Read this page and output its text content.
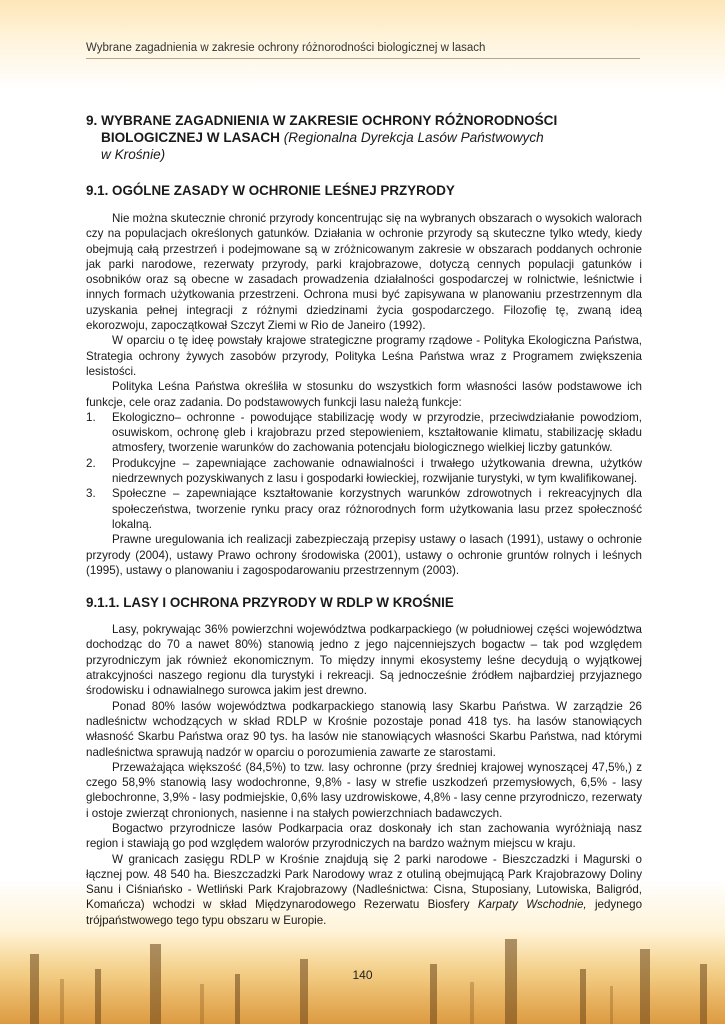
Wybrane zagadnienia w zakresie ochrony różnorodności biologicznej w lasach
9. WYBRANE ZAGADNIENIA W ZAKRESIE OCHRONY RÓŻNORODNOŚCI
BIOLOGICZNEJ W LASACH (Regionalna Dyrekcja Lasów Państwowych
w Krośnie)
9.1. OGÓLNE ZASADY W OCHRONIE LEŚNEJ PRZYRODY

Nie można skutecznie chronić przyrody koncentrując się na wybranych obszarach o wysokich walorach czy na populacjach określonych gatunków. Działania w ochronie przyrody są skuteczne tylko wtedy, kiedy obejmują całą przestrzeń i podejmowane są w zróżnicowanym zakresie w obszarach poddanych ochronie jak parki narodowe, rezerwaty przyrody, parki krajobrazowe, dotyczą cennych populacji gatunków i osobników oraz są obecne w zasadach prowadzenia działalności gospodarczej w rolnictwie, leśnictwie i innych formach użytkowania przestrzeni. Ochrona musi być zapisywana w planowaniu przestrzennym dla uzyskania pełnej integracji z różnymi dziedzinami życia gospodarczego. Filozofię tę, zwaną ideą ekorozwoju, zapoczątkował Szczyt Ziemi w Rio de Janeiro (1992).

W oparciu o tę ideę powstały krajowe strategiczne programy rządowe - Polityka Ekologiczna Państwa, Strategia ochrony żywych zasobów przyrody, Polityka Leśna Państwa wraz z Programem zwiększenia lesistości.

Polityka Leśna Państwa określiła w stosunku do wszystkich form własności lasów podstawowe ich funkcje, cele oraz zadania. Do podstawowych funkcji lasu należą funkcje:

1. Ekologiczno– ochronne - powodujące stabilizację wody w przyrodzie, przeciwdziałanie powodziom, osuwiskom, ochronę gleb i krajobrazu przed stepowieniem, kształtowanie klimatu, stabilizację składu atmosfery, tworzenie warunków do zachowania potencjału biologicznego wielkiej liczby gatunków.
2. Produkcyjne – zapewniające zachowanie odnawialności i trwałego użytkowania drewna, użytków niedrzewnych pozyskiwanych z lasu i gospodarki łowieckiej, rozwijanie turystyki, w tym kwalifikowanej.
3. Społeczne – zapewniające kształtowanie korzystnych warunków zdrowotnych i rekreacyjnych dla społeczeństwa, tworzenie rynku pracy oraz różnorodnych form użytkowania lasu przez społeczność lokalną.

Prawne uregulowania ich realizacji zabezpieczają przepisy ustawy o lasach (1991), ustawy o ochronie przyrody (2004), ustawy Prawo ochrony środowiska (2001), ustawy o ochronie gruntów rolnych i leśnych (1995), ustawy o planowaniu i zagospodarowaniu przestrzennym (2003).

9.1.1. LASY I OCHRONA PRZYRODY W RDLP W KROŚNIE

Lasy, pokrywając 36% powierzchni województwa podkarpackiego (w południowej części województwa dochodząc do 70 a nawet 80%) stanowią jedno z jego najcenniejszych bogactw – tak pod względem przyrodniczym jak również ekonomicznym. To między innymi ekosystemy leśne decydują o wyjątkowej atrakcyjności naszego regionu dla turystyki i rekreacji. Są jednocześnie źródłem najbardziej przyjaznego środowisku i odnawialnego surowca jakim jest drewno.

Ponad 80% lasów województwa podkarpackiego stanowią lasy Skarbu Państwa. W zarządzie 26 nadleśnictw wchodzących w skład RDLP w Krośnie pozostaje ponad 418 tys. ha lasów stanowiących własność Skarbu Państwa oraz 90 tys. ha lasów nie stanowiących własności Skarbu Państwa, nad którymi nadleśnictwa sprawują nadzór w oparciu o porozumienia zawarte ze starostami.

Przeważająca większość (84,5%) to tzw. lasy ochronne (przy średniej krajowej wynoszącej 47,5%,) z czego 58,9% stanowią lasy wodochronne, 9,8% - lasy w strefie uszkodzeń przemysłowych, 6,5% - lasy glebochronne, 3,9% - lasy podmiejskie, 0,6% lasy uzdrowiskowe, 4,8% - lasy cenne przyrodniczo, rezerwaty i ostoje zwierząt chronionych, nasienne i na stałych powierzchniach badawczych.

Bogactwo przyrodnicze lasów Podkarpacia oraz doskonały ich stan zachowania wyróżniają nasz region i stawiają go pod względem walorów przyrodniczych na bardzo ważnym miejscu w kraju.

W granicach zasięgu RDLP w Krośnie znajdują się 2 parki narodowe - Bieszczadzki i Magurski o łącznej pow. 48 540 ha. Bieszczadzki Park Narodowy wraz z otuliną obejmującą Park Krajobrazowy Doliny Sanu i Ciśniańsko - Wetliński Park Krajobrazowy (Nadleśnictwa: Cisna, Stuposiany, Lutowiska, Baligród, Komańcza) wchodzi w skład Międzynarodowego Rezerwatu Biosfery Karpaty Wschodnie, jedynego trójpaństwowego tego typu obszaru w Europie.

140
